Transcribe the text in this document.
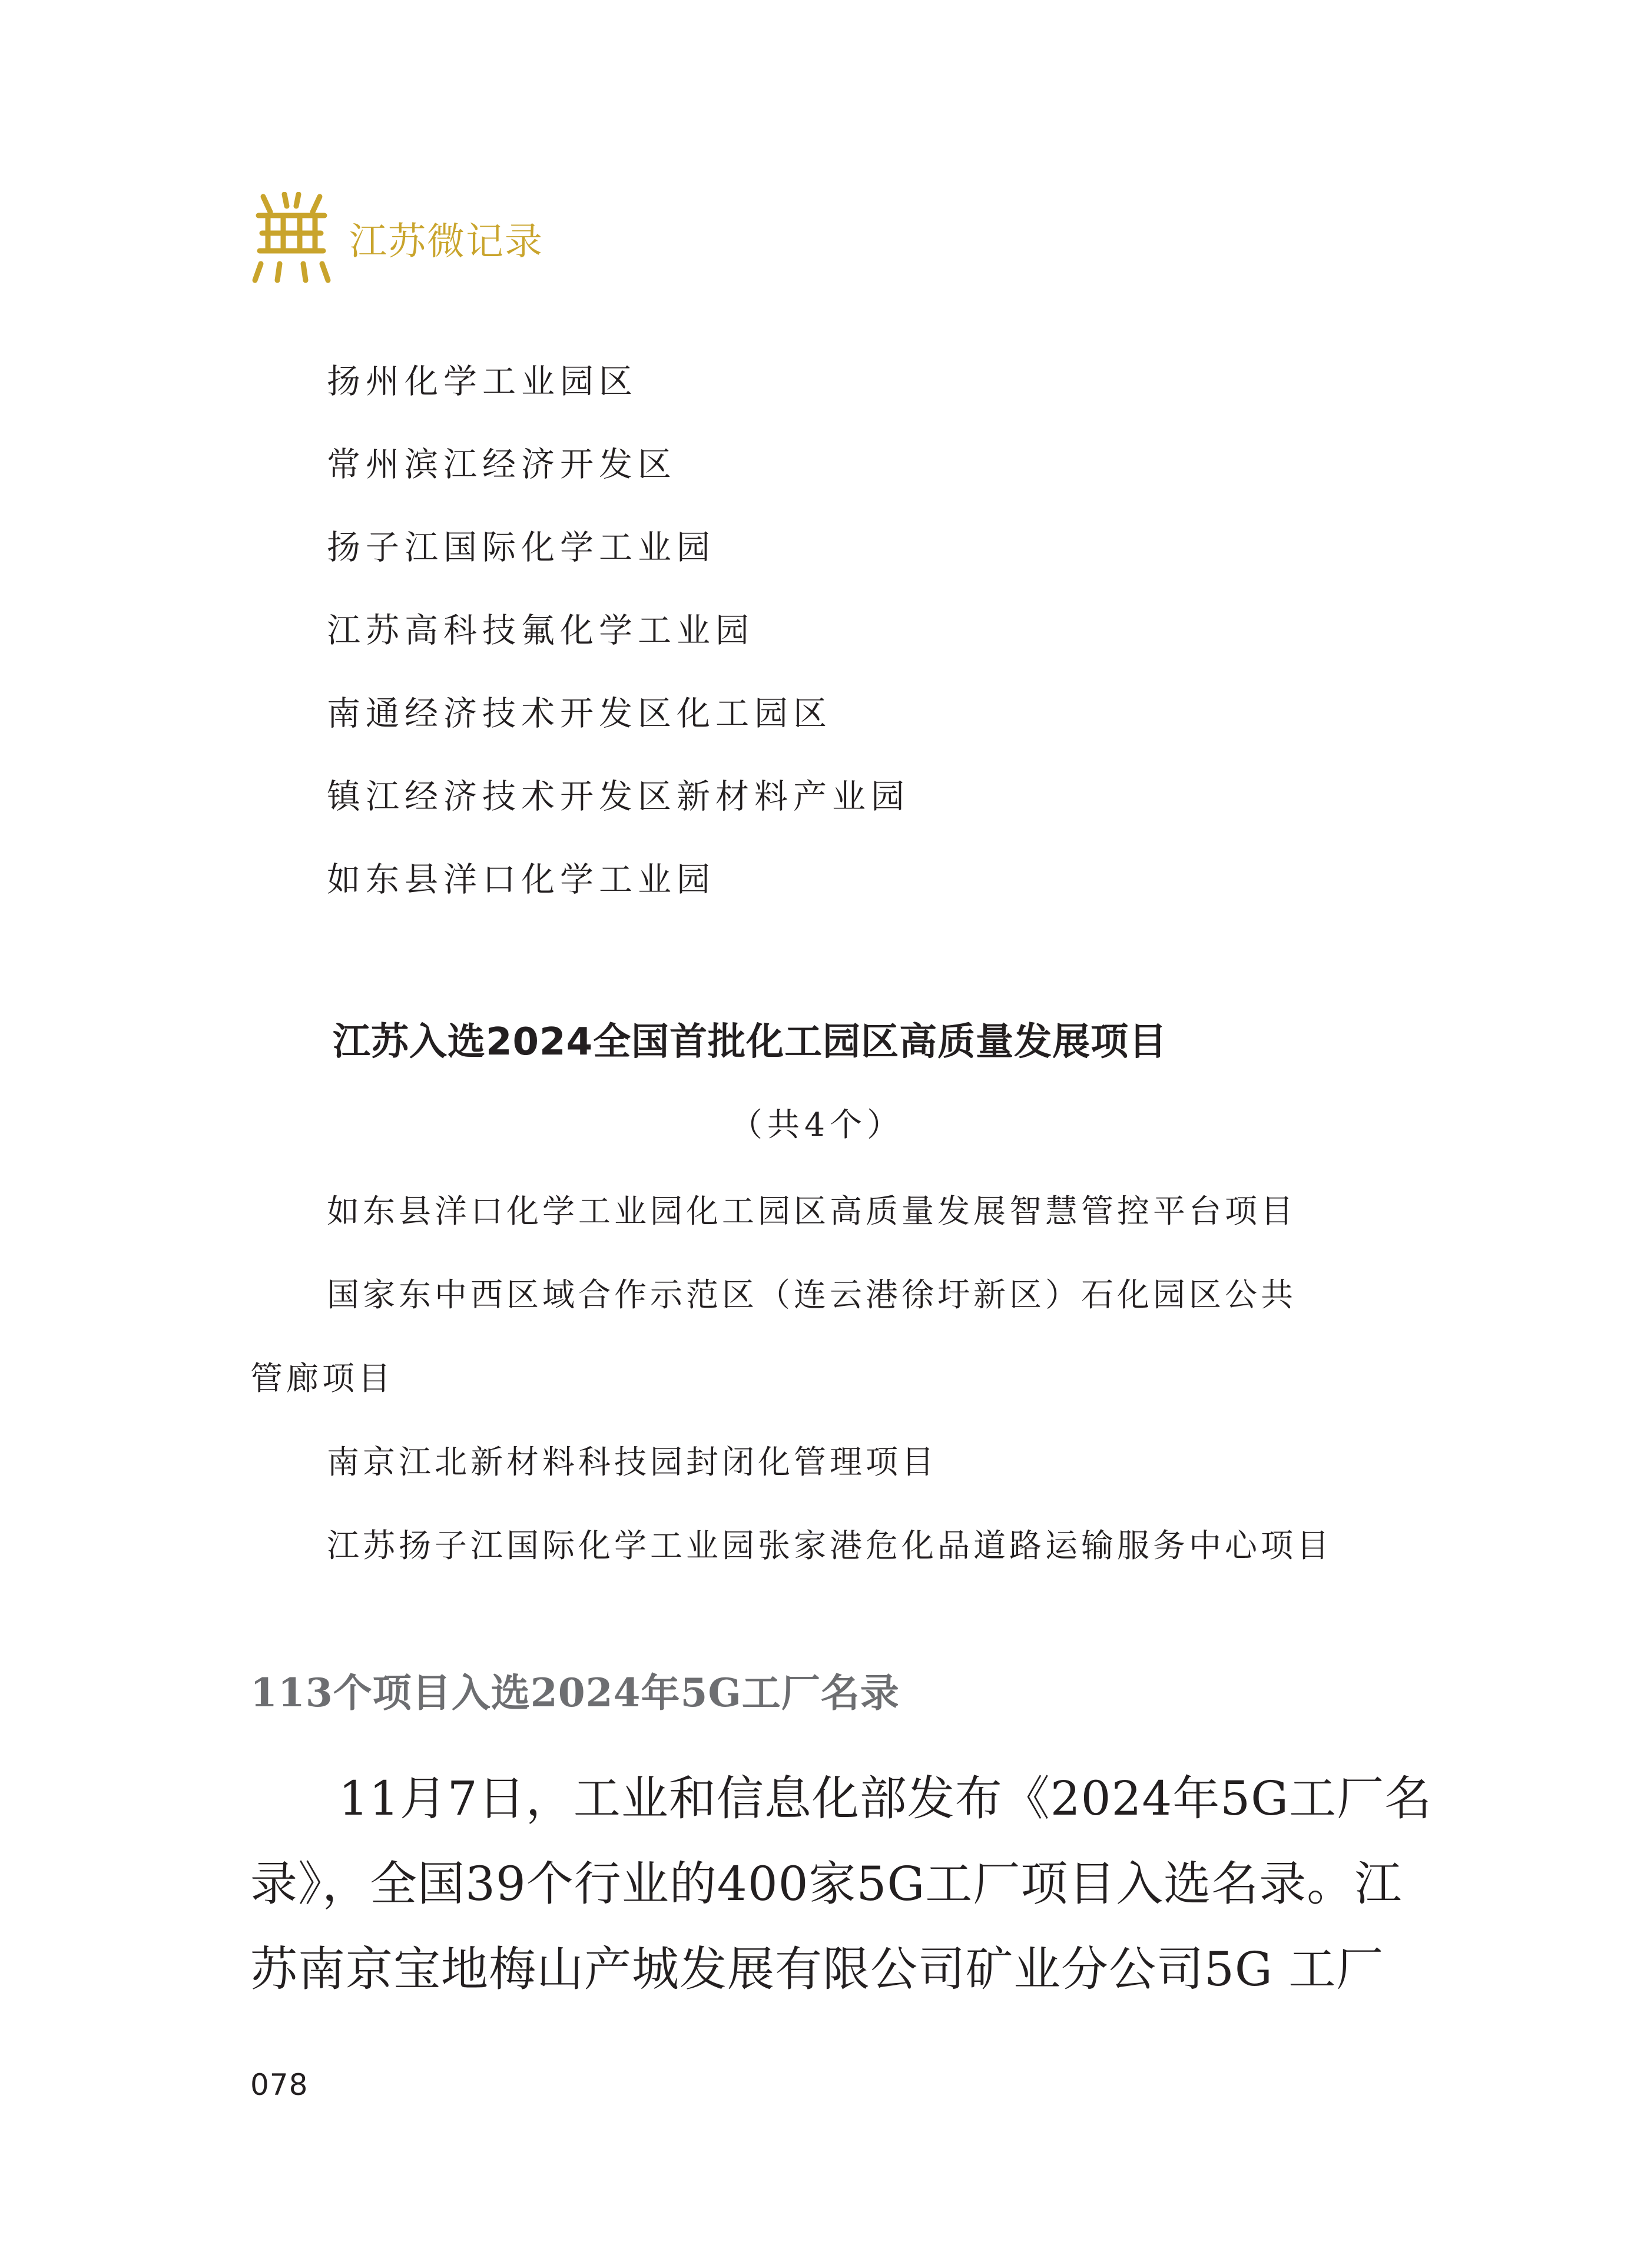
江苏微记录
扬州化学工业园区
常州滨江经济开发区
扬子江国际化学工业园
江苏高科技氟化学工业园
南通经济技术开发区化工园区
镇江经济技术开发区新材料产业园
如东县洋口化学工业园
江苏入选2024全国首批化工园区高质量发展项目
（共4个）
如东县洋口化学工业园化工园区高质量发展智慧管控平台项目
国家东中西区域合作示范区（连云港徐圩新区）石化园区公共
管廊项目
南京江北新材料科技园封闭化管理项目
江苏扬子江国际化学工业园张家港危化品道路运输服务中心项目
113个项目入选2024年5G工厂名录
11月7日，工业和信息化部发布《2024年5G工厂名
录》，全国39个行业的400家5G工厂项目入选名录。江
苏南京宝地梅山产城发展有限公司矿业分公司5G 工厂
078
